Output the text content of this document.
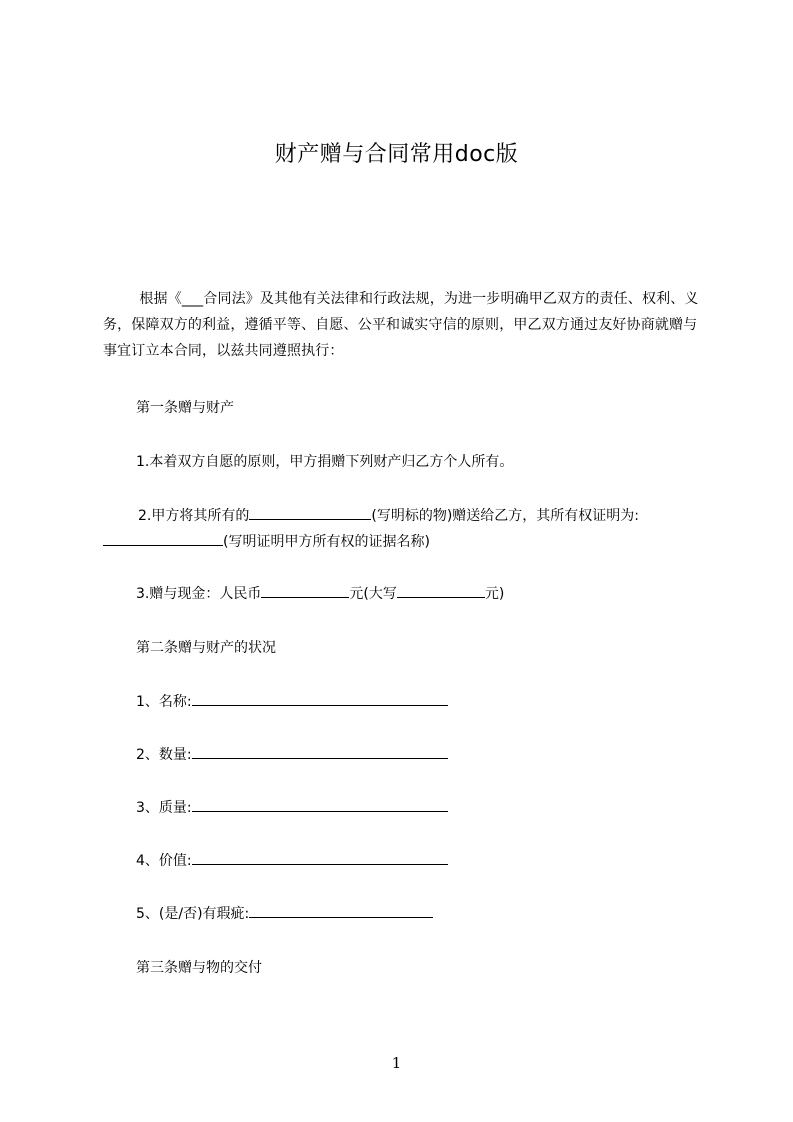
财产赠与合同常用doc版
根据《___合同法》及其他有关法律和行政法规，为进一步明确甲乙双方的责任、权利、义务，保障双方的利益，遵循平等、自愿、公平和诚实守信的原则，甲乙双方通过友好协商就赠与事宜订立本合同，以兹共同遵照执行：
第一条赠与财产
1.本着双方自愿的原则，甲方捐赠下列财产归乙方个人所有。
2.甲方将其所有的	(写明标的物)赠送给乙方，其所有权证明为:
(写明证明甲方所有权的证据名称)
3.赠与现金：人民币	元(大写	元)
第二条赠与财产的状况
1、名称:
2、数量:
3、质量:
4、价值:
5、(是/否)有瑕疵:
第三条赠与物的交付
1
